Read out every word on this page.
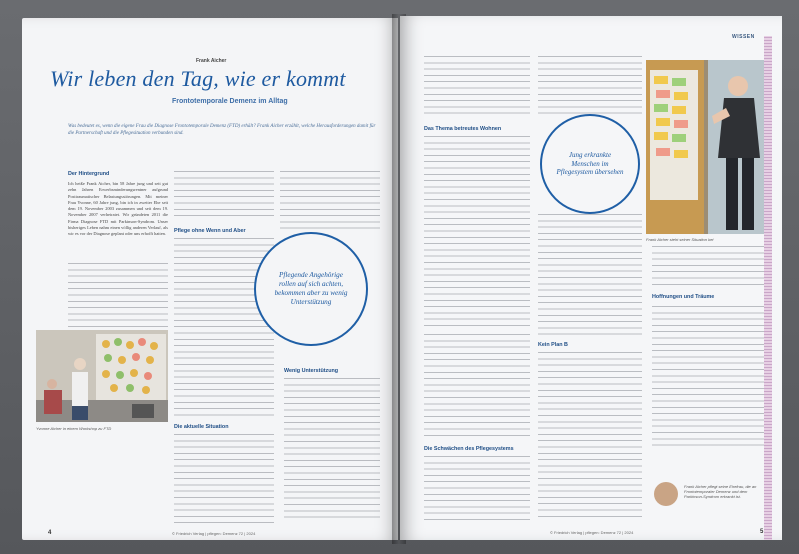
Frank Aicher
Wir leben den Tag, wie er kommt
Frontotemporale Demenz im Alltag
Was bedeutet es, wenn die eigene Frau die Diagnose Frontotemporale Demenz (FTD) erhält? Frank Aicher erzählt, welche Herausforderungen damit für die Partnerschaft und die Pflegesituation verbunden sind.
Der Hintergrund
Ich heiße Frank Aicher, bin 58 Jahre jung und seit gut zehn Jahren Erwerbsminderungsrentner aufgrund Posttraumatischer Belastungsstörungen. Mit meiner Frau Yvonne, 60 Jahre jung, bin ich in zweiter Ehe seit dem 19. November 2003 zusammen und seit dem 19. November 2007 verheiratet. Wir gründeten 2011 die Firma Diagnose FTD mit Parkinson-Syndrom. Unser bisheriges Leben nahm einen völlig anderen Verlauf, als wir es vor der Diagnose geplant oder uns erhofft hatten.	Pflege ohne Wenn und Aber
Pflegende Angehörige rollen auf sich achten, bekommen aber zu wenig Unterstützung
Wenig Unterstützung
Yvonne Aicher in einem Workshop zu FTD	Die aktuelle Situation
4	© Friedrich Verlag | pflegen: Demenz 72 | 2024
WISSEN
Das Thema betreutes Wohnen
Jung erkrankte Menschen im Pflegesystem übersehen
Kein Plan B
Die Schwächen des Pflegesystems
Frank Aicher steht seiner Situation bei
Hoffnungen und Träume
Frank Aicher pflegt seine Ehefrau, die an Frontotemporaler Demenz und dem Parkinson-Syndrom erkrankt ist.
© Friedrich Verlag | pflegen: Demenz 72 | 2024	5
